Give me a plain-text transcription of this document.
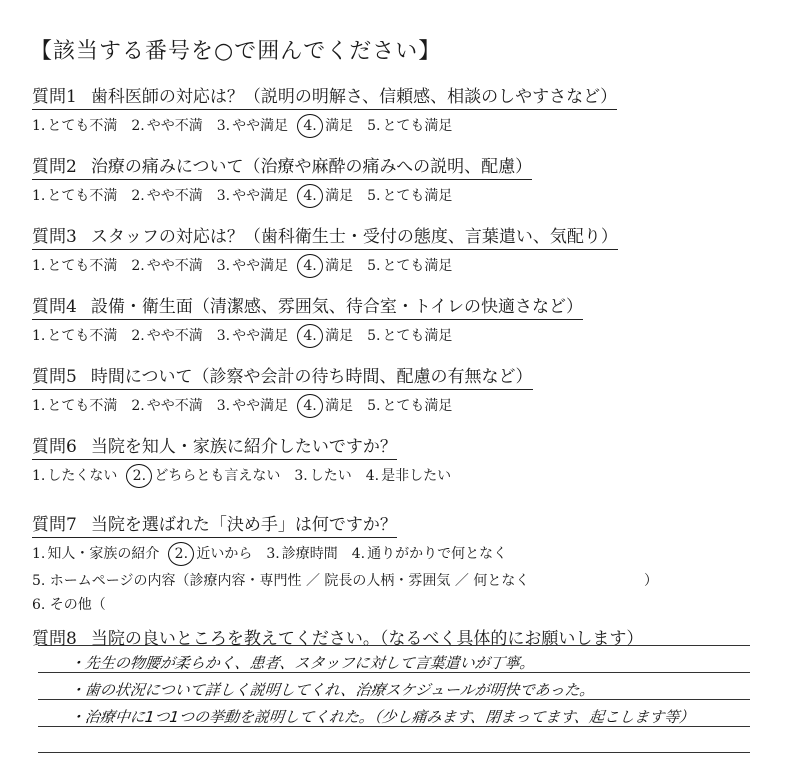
【該当する番号を○で囲んでください】
質問1 歯科医師の対応は？（説明の明解さ、信頼感、相談のしやすさなど）
1. とても不満 2. やや不満 3. やや満足 4. 満足 5. とても満足
質問2 治療の痛みについて（治療や麻酔の痛みへの説明、配慮）
1. とても不満 2. やや不満 3. やや満足 4. 満足 5. とても満足
質問3 スタッフの対応は？（歯科衛生士・受付の態度、言葉遣い、気配り）
1. とても不満 2. やや不満 3. やや満足 4. 満足 5. とても満足
質問4 設備・衛生面（清潔感、雰囲気、待合室・トイレの快適さなど）
1. とても不満 2. やや不満 3. やや満足 4. 満足 5. とても満足
質問5 時間について（診察や会計の待ち時間、配慮の有無など）
1. とても不満 2. やや不満 3. やや満足 4. 満足 5. とても満足
質問6 当院を知人・家族に紹介したいですか？
1. したくない 2. どちらとも言えない 3. したい 4. 是非したい
質問7 当院を選ばれた「決め手」は何ですか？
1. 知人・家族の紹介 2. 近いから 3. 診療時間 4. 通りがかりで何となく
5. ホームページの内容（診療内容・専門性 ／ 院長の人柄・雰囲気 ／ 何となく	）
6. その他（
質問8 当院の良いところを教えてください。（なるべく具体的にお願いします）
・先生の物腰が柔らかく、患者、スタッフに対して言葉遣いが丁寧。
・歯の状況について詳しく説明してくれ、治療スケジュールが明快であった。
・治療中に1つ1つの挙動を説明してくれた。（少し痛みます、閉まってます、起こします等）
